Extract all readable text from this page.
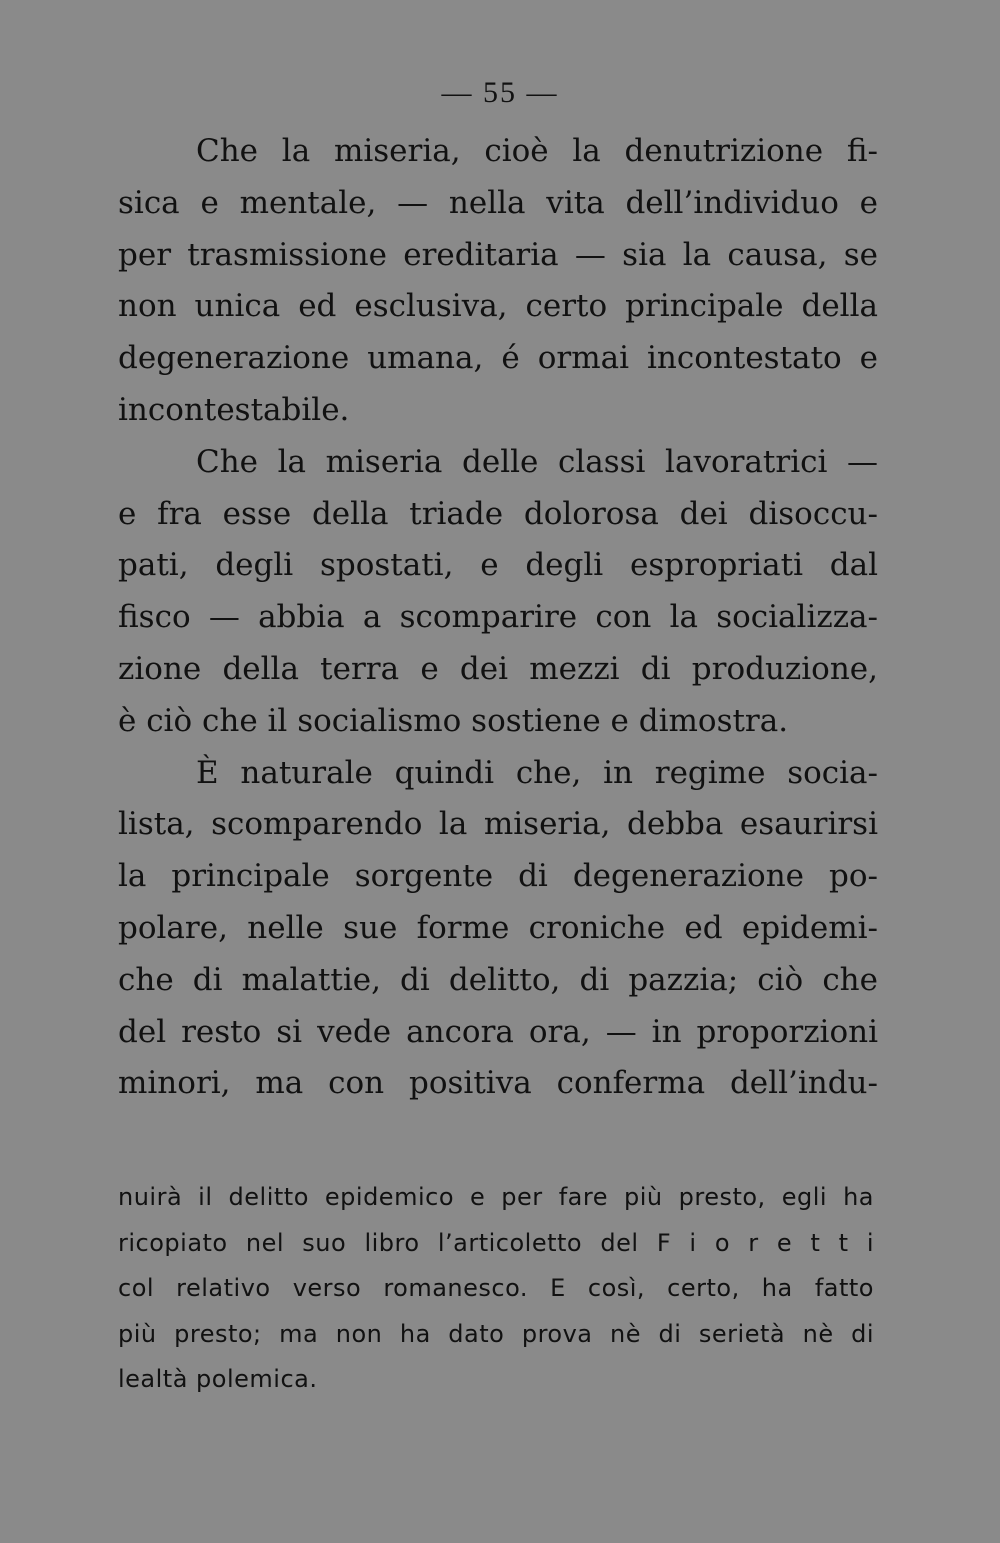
— 55 —
Che la miseria, cioè la denutrizione fi-
sica e mentale, — nella vita dell’individuo e
per trasmissione ereditaria — sia la causa, se
non unica ed esclusiva, certo principale della
degenerazione umana, é ormai incontestato e
incontestabile.
Che la miseria delle classi lavoratrici —
e fra esse della triade dolorosa dei disoccu-
pati, degli spostati, e degli espropriati dal
fisco — abbia a scomparire con la socializza-
zione della terra e dei mezzi di produzione,
è ciò che il socialismo sostiene e dimostra.
È naturale quindi che, in regime socia-
lista, scomparendo la miseria, debba esaurirsi
la principale sorgente di degenerazione po-
polare, nelle sue forme croniche ed epidemi-
che di malattie, di delitto, di pazzia; ciò che
del resto si vede ancora ora, — in proporzioni
minori, ma con positiva conferma dell’indu-
nuirà il delitto epidemico e per fare più presto, egli ha
ricopiato nel suo libro l’articoletto del F i o r e t t i
col relativo verso romanesco. E così, certo, ha fatto
più presto; ma non ha dato prova nè di serietà nè di
lealtà polemica.
